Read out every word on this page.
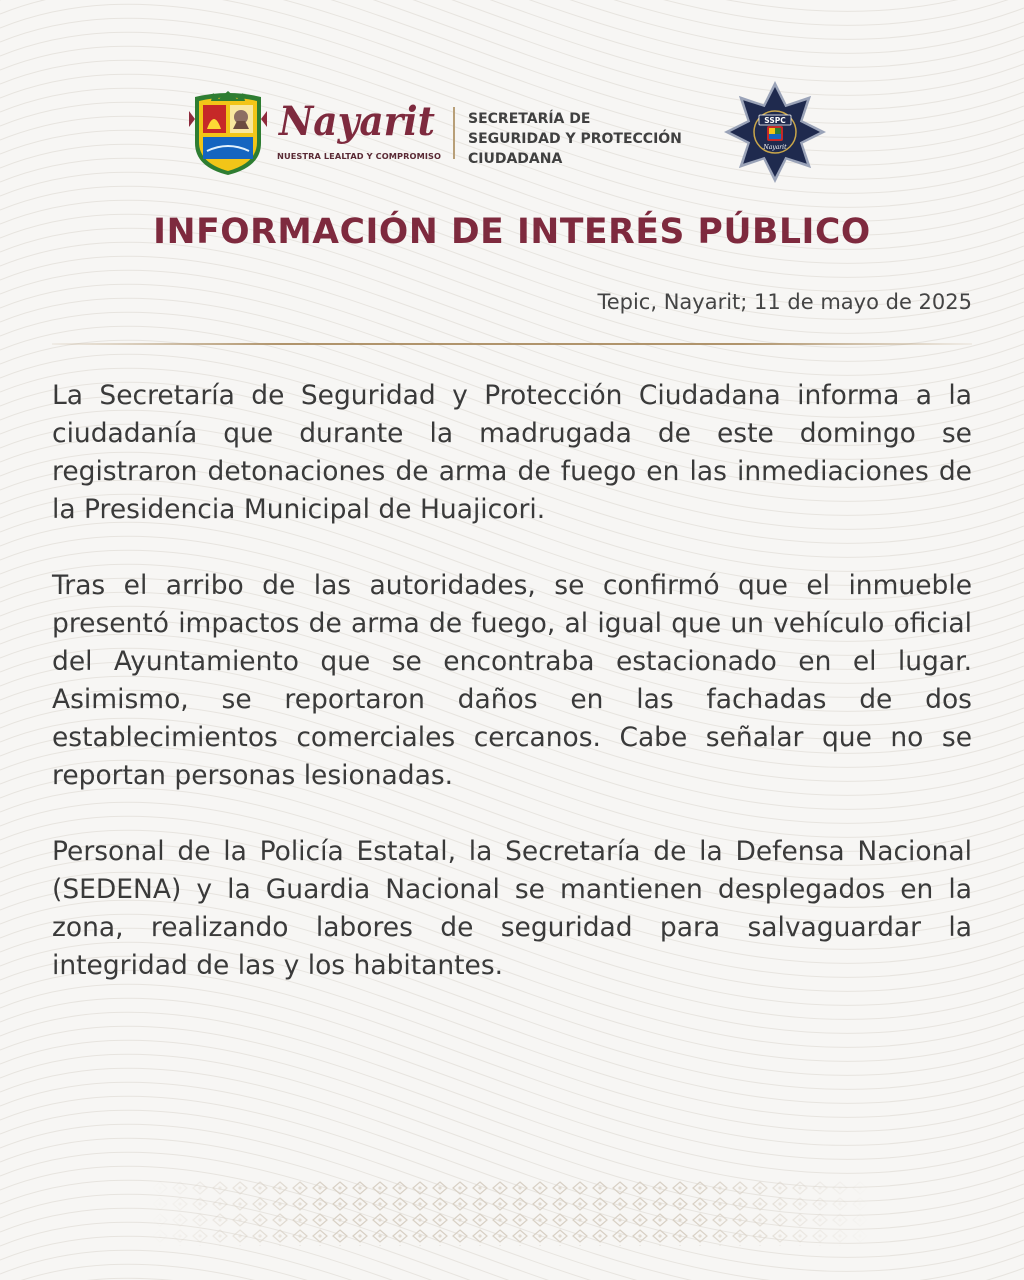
Nayarit
NUESTRA LEALTAD Y COMPROMISO
SECRETARÍA DE
SEGURIDAD Y PROTECCIÓN
CIUDADANA
SSPC
Nayarit
INFORMACIÓN DE INTERÉS PÚBLICO
Tepic, Nayarit; 11 de mayo de 2025

La Secretaría de Seguridad y Protección Ciudadana informa a la ciudadanía que durante la madrugada de este domingo se registraron detonaciones de arma de fuego en las inmediaciones de la Presidencia Municipal de Huajicori.

Tras el arribo de las autoridades, se confirmó que el inmueble presentó impactos de arma de fuego, al igual que un vehículo oficial del Ayuntamiento que se encontraba estacionado en el lugar. Asimismo, se reportaron daños en las fachadas de dos establecimientos comerciales cercanos. Cabe señalar que no se reportan personas lesionadas.

Personal de la Policía Estatal, la Secretaría de la Defensa Nacional (SEDENA) y la Guardia Nacional se mantienen desplegados en la zona, realizando labores de seguridad para salvaguardar la integridad de las y los habitantes.
